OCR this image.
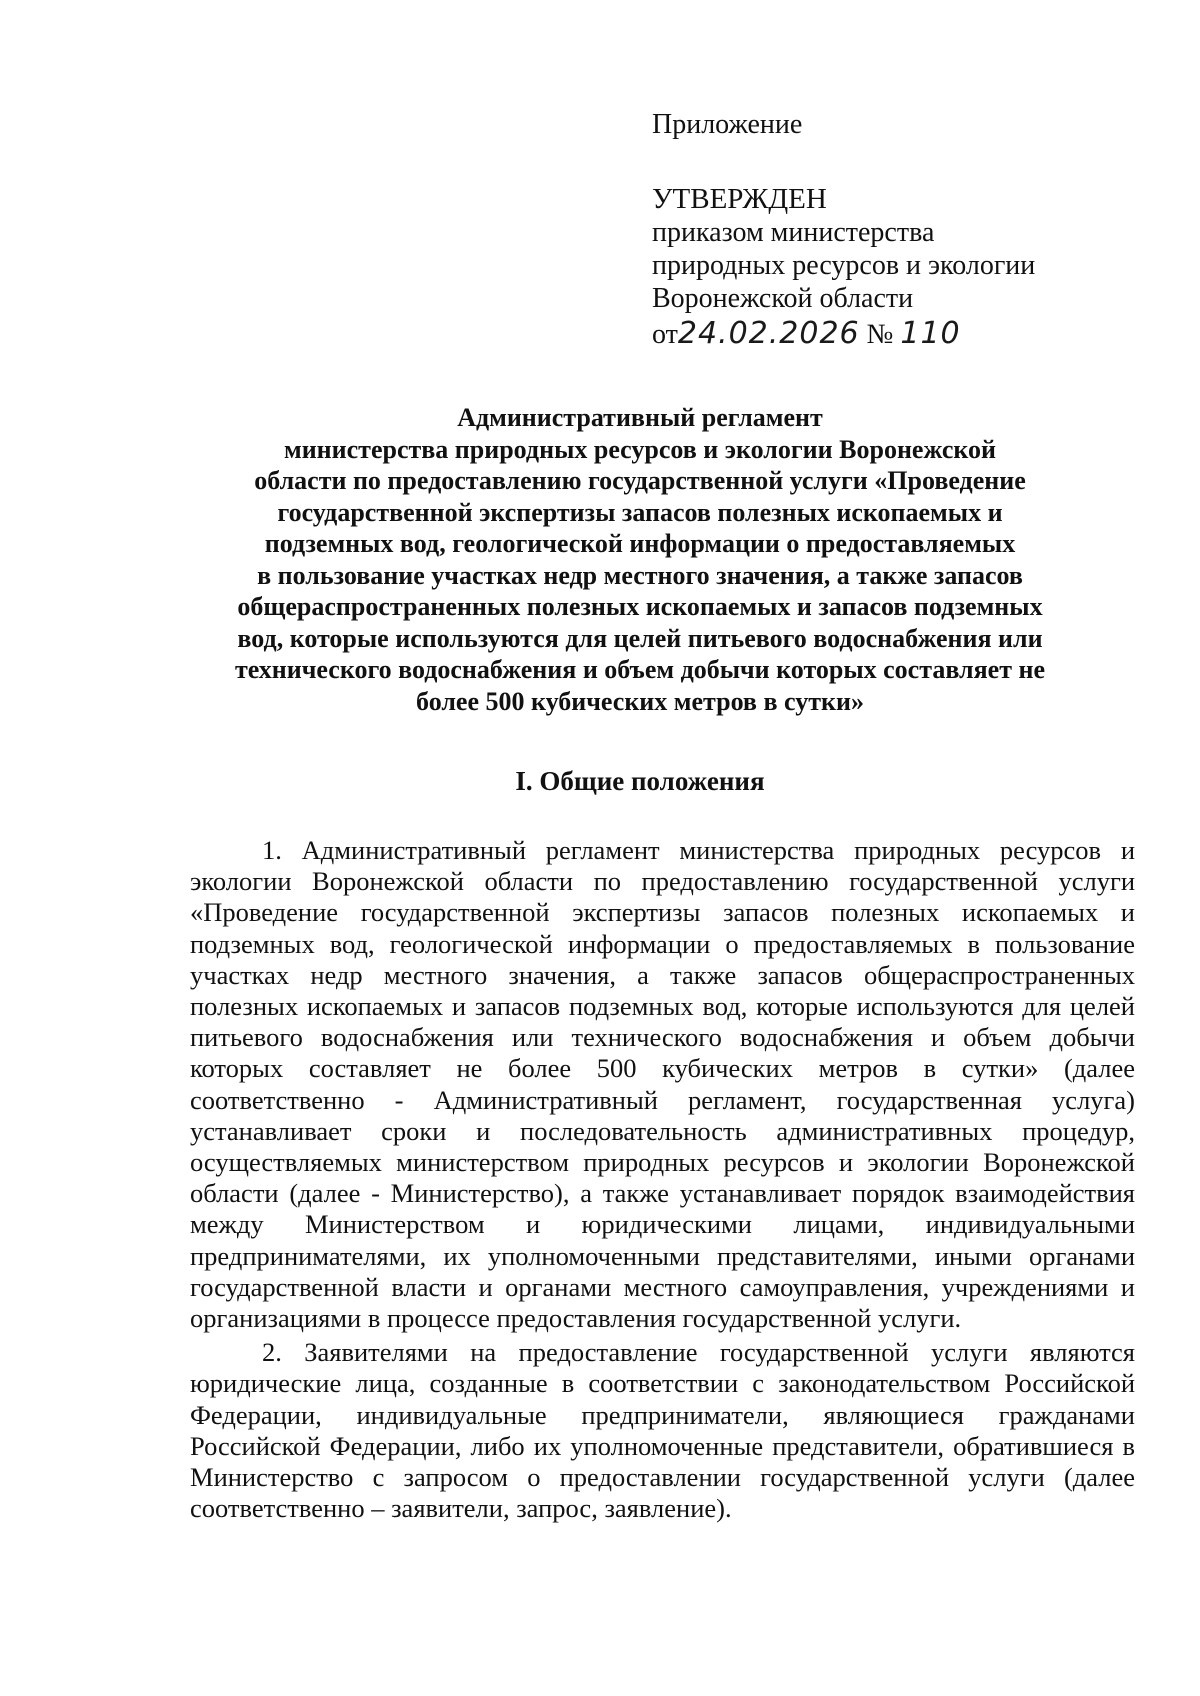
Приложение
УТВЕРЖДЕН
приказом министерства
природных ресурсов и экологии
Воронежской области
от24.02.2026 № 110
Административный регламент
министерства природных ресурсов и экологии Воронежской
области по предоставлению государственной услуги «Проведение
государственной экспертизы запасов полезных ископаемых и
подземных вод, геологической информации о предоставляемых
в пользование участках недр местного значения, а также запасов
общераспространенных полезных ископаемых и запасов подземных
вод, которые используются для целей питьевого водоснабжения или
технического водоснабжения и объем добычи которых составляет не
более 500 кубических метров в сутки»
I. Общие положения

1. Административный регламент министерства природных ресурсов и экологии Воронежской области по предоставлению государственной услуги «Проведение государственной экспертизы запасов полезных ископаемых и подземных вод, геологической информации о предоставляемых в пользование участках недр местного значения, а также запасов общераспространенных полезных ископаемых и запасов подземных вод, которые используются для целей питьевого водоснабжения или технического водоснабжения и объем добычи которых составляет не более 500 кубических метров в сутки» (далее соответственно - Административный регламент, государственная услуга) устанавливает сроки и последовательность административных процедур, осуществляемых министерством природных ресурсов и экологии Воронежской области (далее - Министерство), а также устанавливает порядок взаимодействия между Министерством и юридическими лицами, индивидуальными предпринимателями, их уполномоченными представителями, иными органами государственной власти и органами местного самоуправления, учреждениями и организациями в процессе предоставления государственной услуги.

2. Заявителями на предоставление государственной услуги являются юридические лица, созданные в соответствии с законодательством Российской Федерации, индивидуальные предприниматели, являющиеся гражданами Российской Федерации, либо их уполномоченные представители, обратившиеся в Министерство с запросом о предоставлении государственной услуги (далее соответственно – заявители, запрос, заявление).
